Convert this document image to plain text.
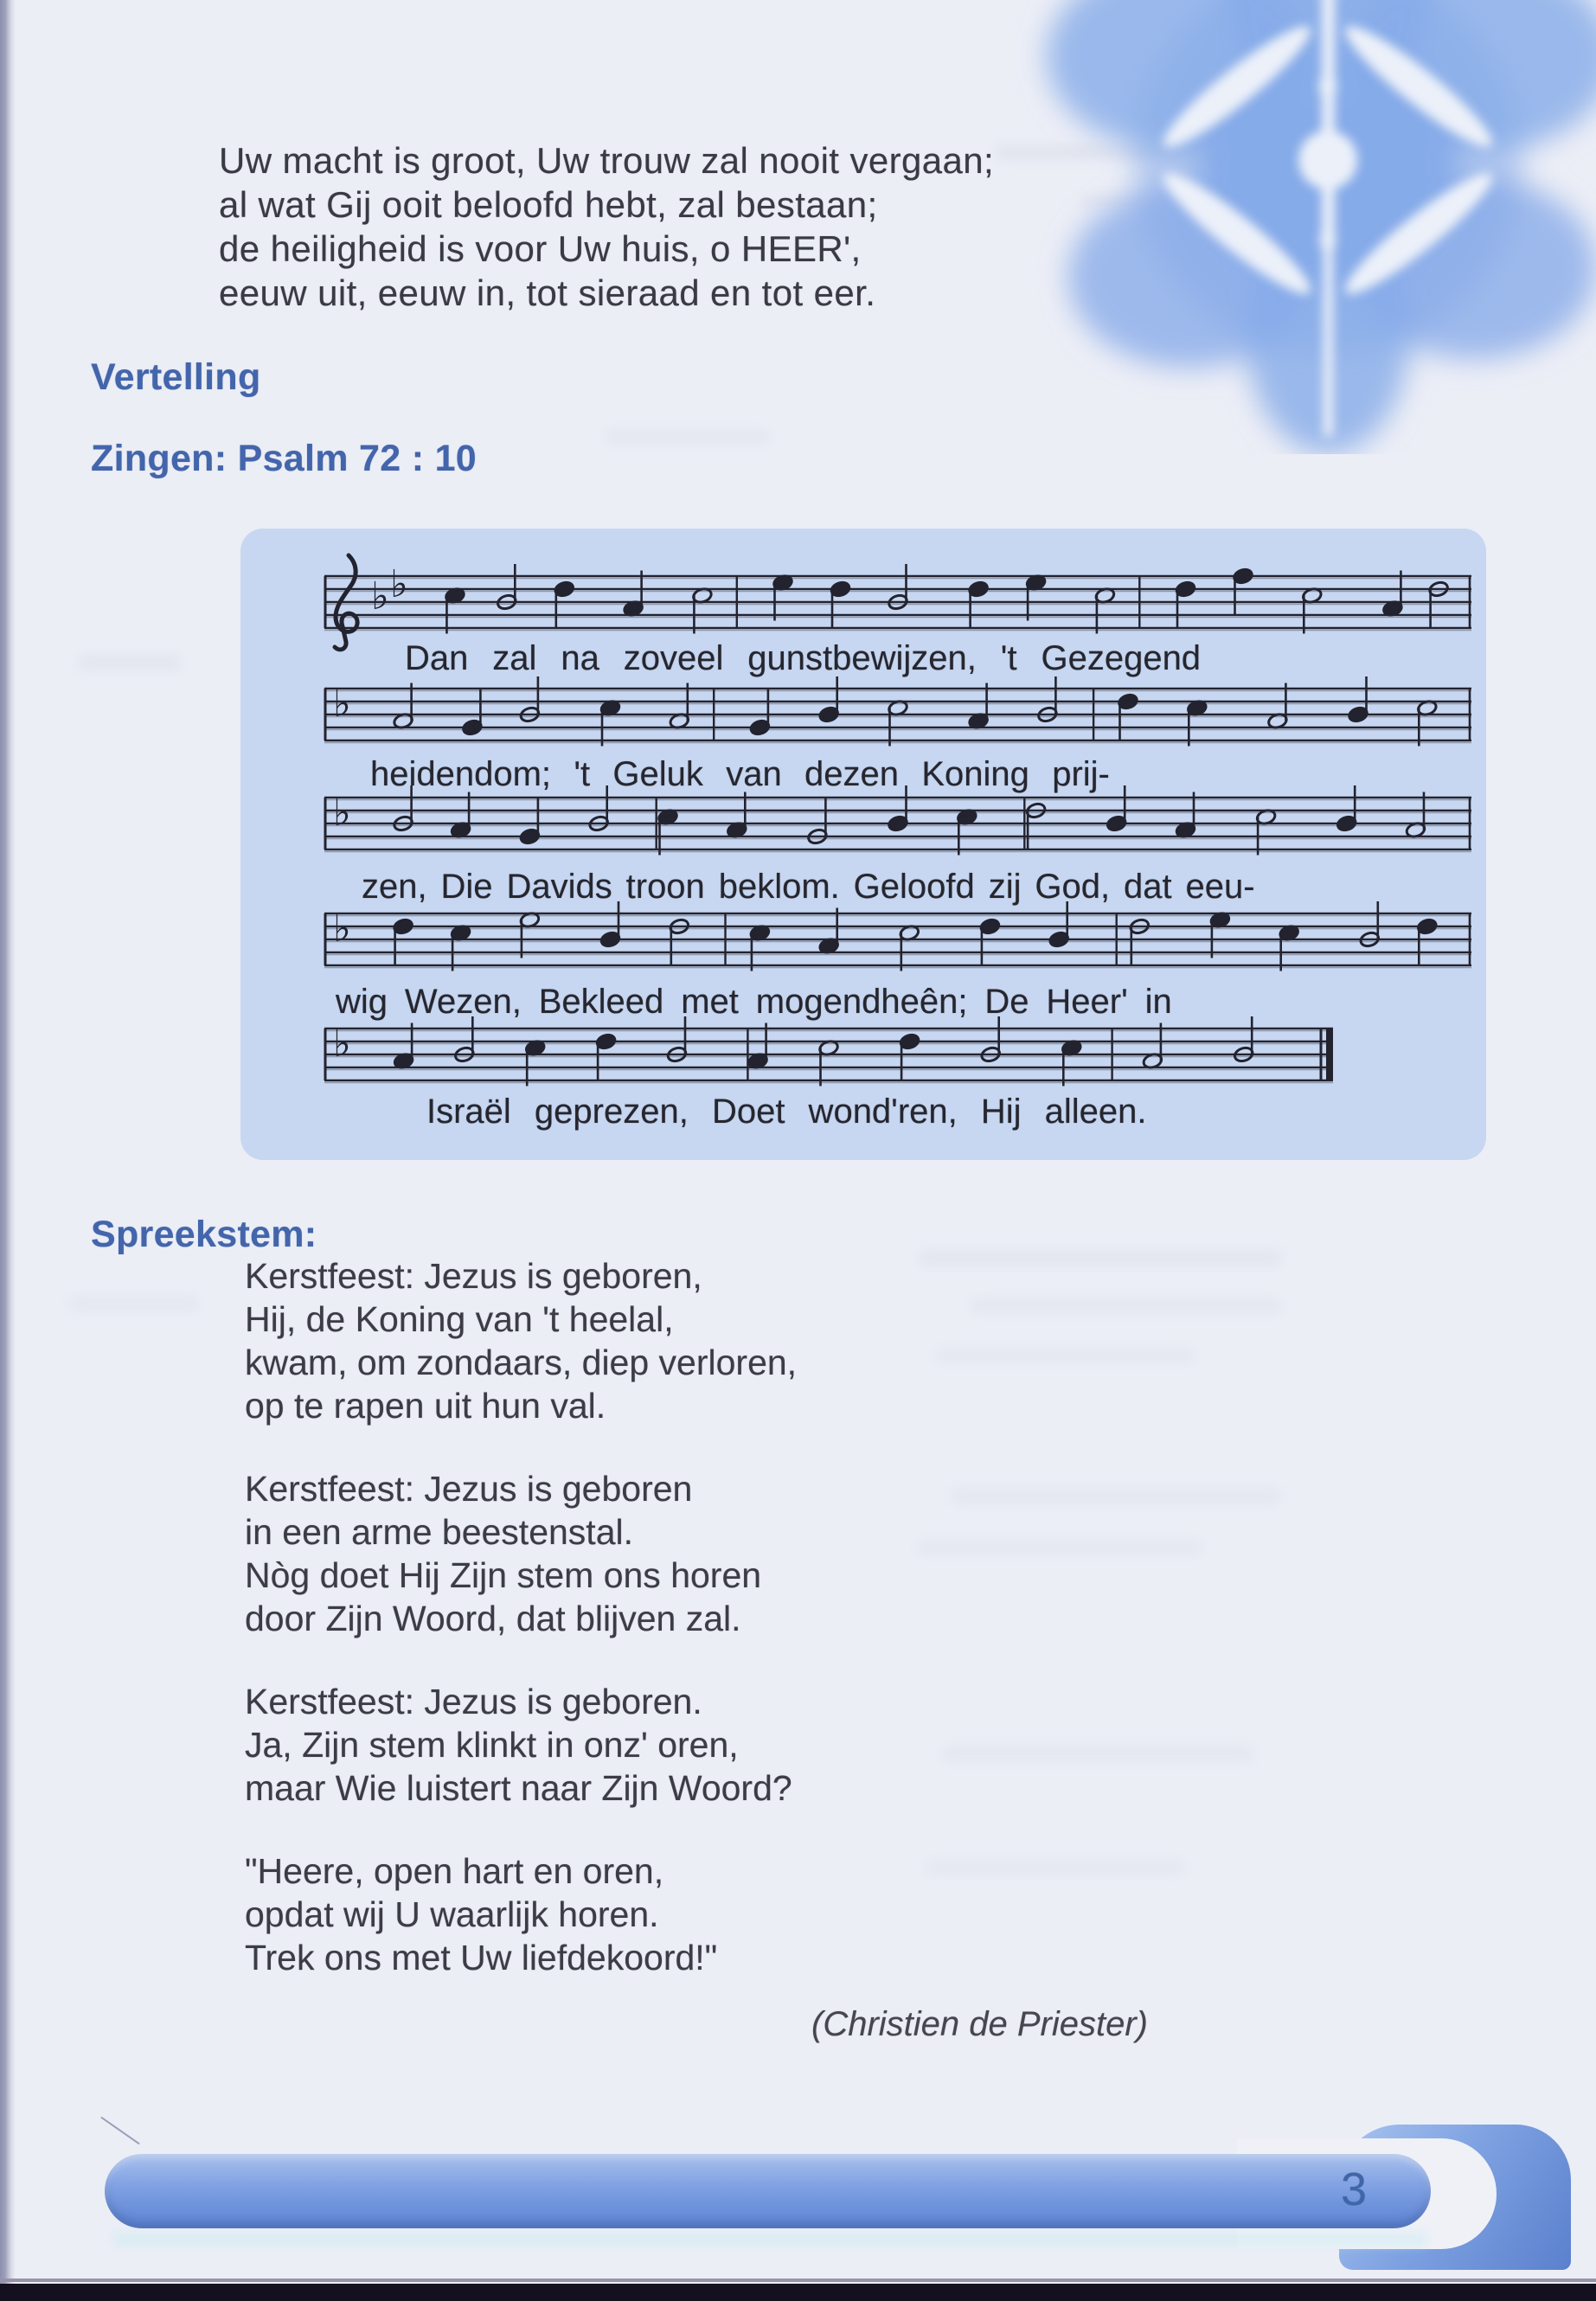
Uw macht is groot, Uw trouw zal nooit vergaan;
al wat Gij ooit beloofd hebt, zal bestaan;
de heiligheid is voor Uw huis, o HEER',
eeuw uit, eeuw in, tot sieraad en tot eer.
Vertelling
Zingen: Psalm 72 : 10
♭ ♭
Dan zal na zoveel gunstbewijzen, 't Gezegend
♭
heidendom; 't Geluk van dezen Koning prij-
♭
zen, Die Davids troon beklom. Geloofd zij God, dat eeu-
♭
wig Wezen, Bekleed met mogendheên; De Heer' in
♭
Israël geprezen, Doet wond'ren, Hij alleen.
Spreekstem:
Kerstfeest: Jezus is geboren,
Hij, de Koning van 't heelal,
kwam, om zondaars, diep verloren,
op te rapen uit hun val.
Kerstfeest: Jezus is geboren
in een arme beestenstal.
Nòg doet Hij Zijn stem ons horen
door Zijn Woord, dat blijven zal.
Kerstfeest: Jezus is geboren.
Ja, Zijn stem klinkt in onz' oren,
maar Wie luistert naar Zijn Woord?
"Heere, open hart en oren,
opdat wij U waarlijk horen.
Trek ons met Uw liefdekoord!"
(Christien de Priester)
3
